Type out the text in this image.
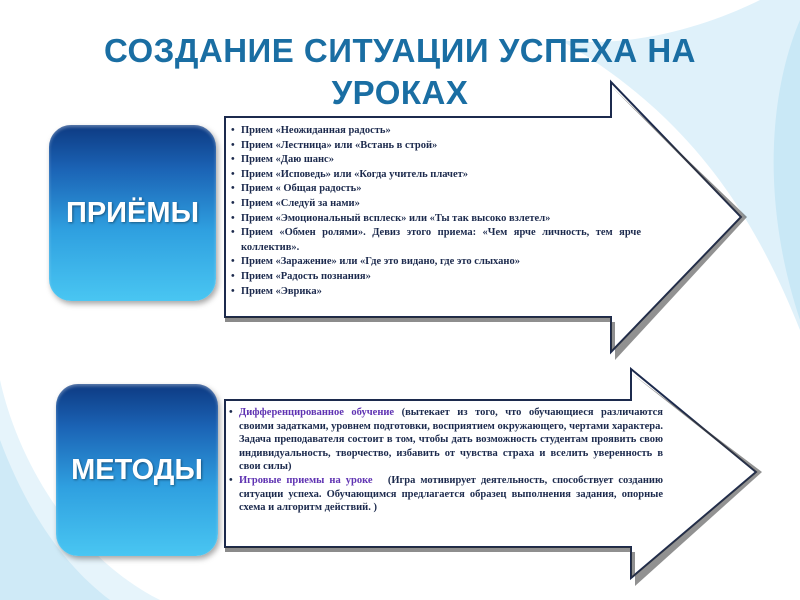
СОЗДАНИЕ СИТУАЦИИ УСПЕХА НА УРОКАХ
ПРИЁМЫ
МЕТОДЫ
• Прием «Неожиданная радость»
• Прием «Лестница» или «Встань в строй»
• Прием «Даю шанс»
• Прием «Исповедь» или «Когда учитель плачет»
• Прием « Общая радость»
• Прием «Следуй за нами»
• Прием «Эмоциональный всплеск» или «Ты так высоко взлетел»
• Прием «Обмен ролями». Девиз этого приема: «Чем ярче личность, тем ярче коллектив».
• Прием «Заражение» или «Где это видано, где это слыхано»
• Прием «Радость познания»
• Прием «Эврика»
• Дифференцированное обучение (вытекает из того, что обучающиеся различаются своими задатками, уровнем подготовки, восприятием окружающего, чертами характера. Задача преподавателя состоит в том, чтобы дать возможность студентам проявить свою индивидуальность, творчество, избавить от чувства страха и вселить уверенность в свои силы)
• Игровые приемы на уроке   (Игра мотивирует деятельность, способствует созданию ситуации успеха. Обучающимся предлагается образец выполнения задания, опорные схема и алгоритм действий. )
